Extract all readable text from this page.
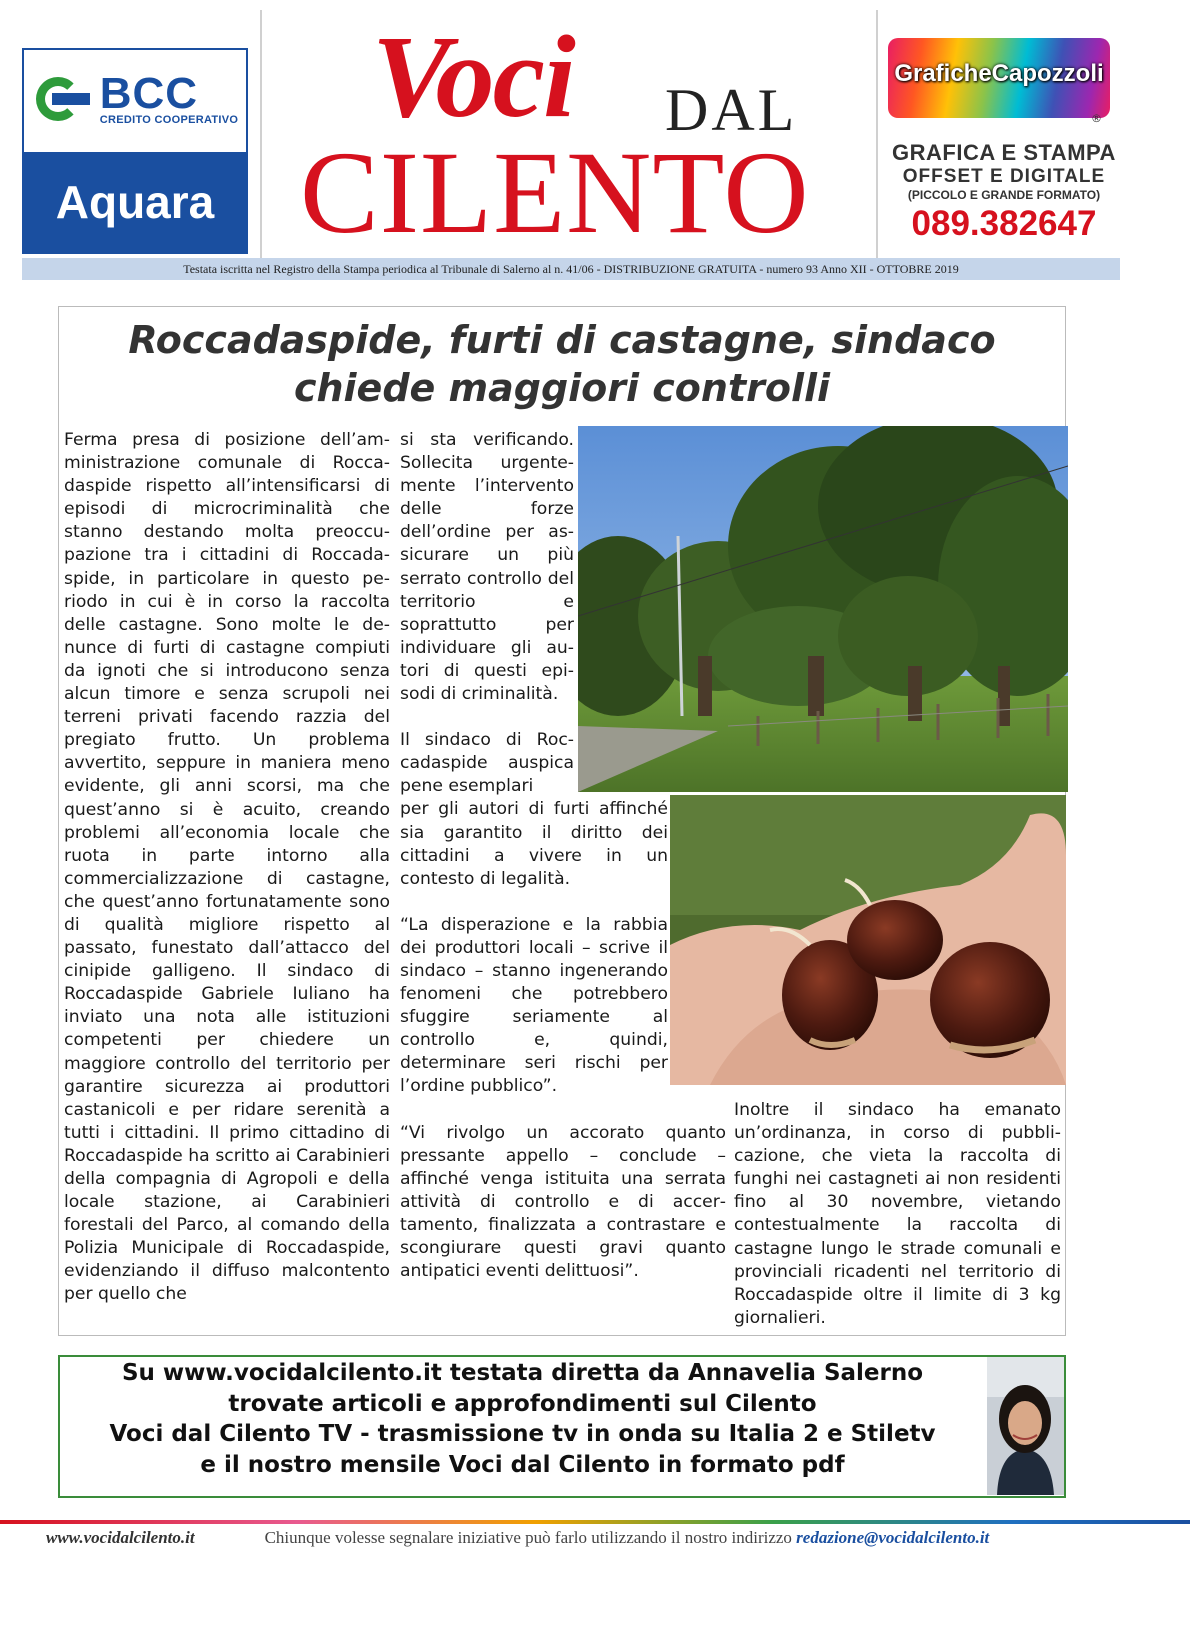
BCC
CREDITO COOPERATIVO
Aquara
Voci DAL
CILENTO
GraficheCapozzoli
®
GRAFICA E STAMPA
OFFSET E DIGITALE
(PICCOLO E GRANDE FORMATO)
089.382647
Testata iscritta nel Registro della Stampa periodica al Tribunale di Salerno al n. 41/06 - DISTRIBUZIONE GRATUITA - numero 93 Anno XII - OTTOBRE 2019
Roccadaspide, furti di castagne, sindaco
chiede maggiori controlli

Ferma presa di posizione dell’amministrazione comunale di Roccadaspide rispetto all’intensificarsi di episodi di microcriminalità che stanno destando molta preoccupazione tra i cittadini di Roccadaspide, in particolare in questo periodo in cui è in corso la raccolta delle castagne. Sono molte le denunce di furti di castagne compiuti da ignoti che si introducono senza alcun timore e senza scrupoli nei terreni privati facendo razzia del pregiato frutto. Un problema avvertito, seppure in maniera meno evidente, gli anni scorsi, ma che quest’anno si è acuito, creando problemi all’economia locale che ruota in parte intorno alla commercializzazione di castagne, che quest’anno fortunatamente sono di qualità migliore rispetto al passato, funestato dall’attacco del cinipide galligeno. Il sindaco di Roccadaspide Gabriele Iuliano ha inviato una nota alle istituzioni competenti per chiedere un maggiore controllo del territorio per garantire sicurezza ai produttori castanicoli e per ridare serenità a tutti i cittadini. Il primo cittadino di Roccadaspide ha scritto ai Carabinieri della compagnia di Agropoli e della locale stazione, ai Carabinieri forestali del Parco, al comando della Polizia Municipale di Roccadaspide, evidenziando il diffuso malcontento per quello che

si sta verificando. Sollecita urgentemente l’intervento delle forze dell’ordine per assicurare un più serrato controllo del territorio e soprattutto per individuare gli autori di questi episodi di criminalità.

Il sindaco di Roccadaspide auspica pene esemplari
per gli autori di furti affinché sia garantito il diritto dei cittadini a vivere in un contesto di legalità.

“La disperazione e la rabbia dei produttori locali – scrive il sindaco – stanno ingenerando fenomeni che potrebbero sfuggire seriamente al controllo e, quindi, determinare seri rischi per l’ordine pubblico”.

“Vi rivolgo un accorato quanto pressante appello – conclude – affinché venga istituita una serrata attività di controllo e di accertamento, finalizzata a contrastare e scongiurare questi gravi quanto antipatici eventi delittuosi”.

Inoltre il sindaco ha emanato un’ordinanza, in corso di pubblicazione, che vieta la raccolta di funghi nei castagneti ai non residenti fino al 30 novembre, vietando contestualmente la raccolta di castagne lungo le strade comunali e provinciali ricadenti nel territorio di Roccadaspide oltre il limite di 3 kg giornalieri.

Su www.vocidalcilento.it testata diretta da Annavelia Salerno
trovate articoli e approfondimenti sul Cilento
Voci dal Cilento TV - trasmissione tv in onda su Italia 2 e Stiletv
e il nostro mensile Voci dal Cilento in formato pdf
www.vocidalcilento.it	Chiunque volesse segnalare iniziative può farlo utilizzando il nostro indirizzo redazione@vocidalcilento.it
